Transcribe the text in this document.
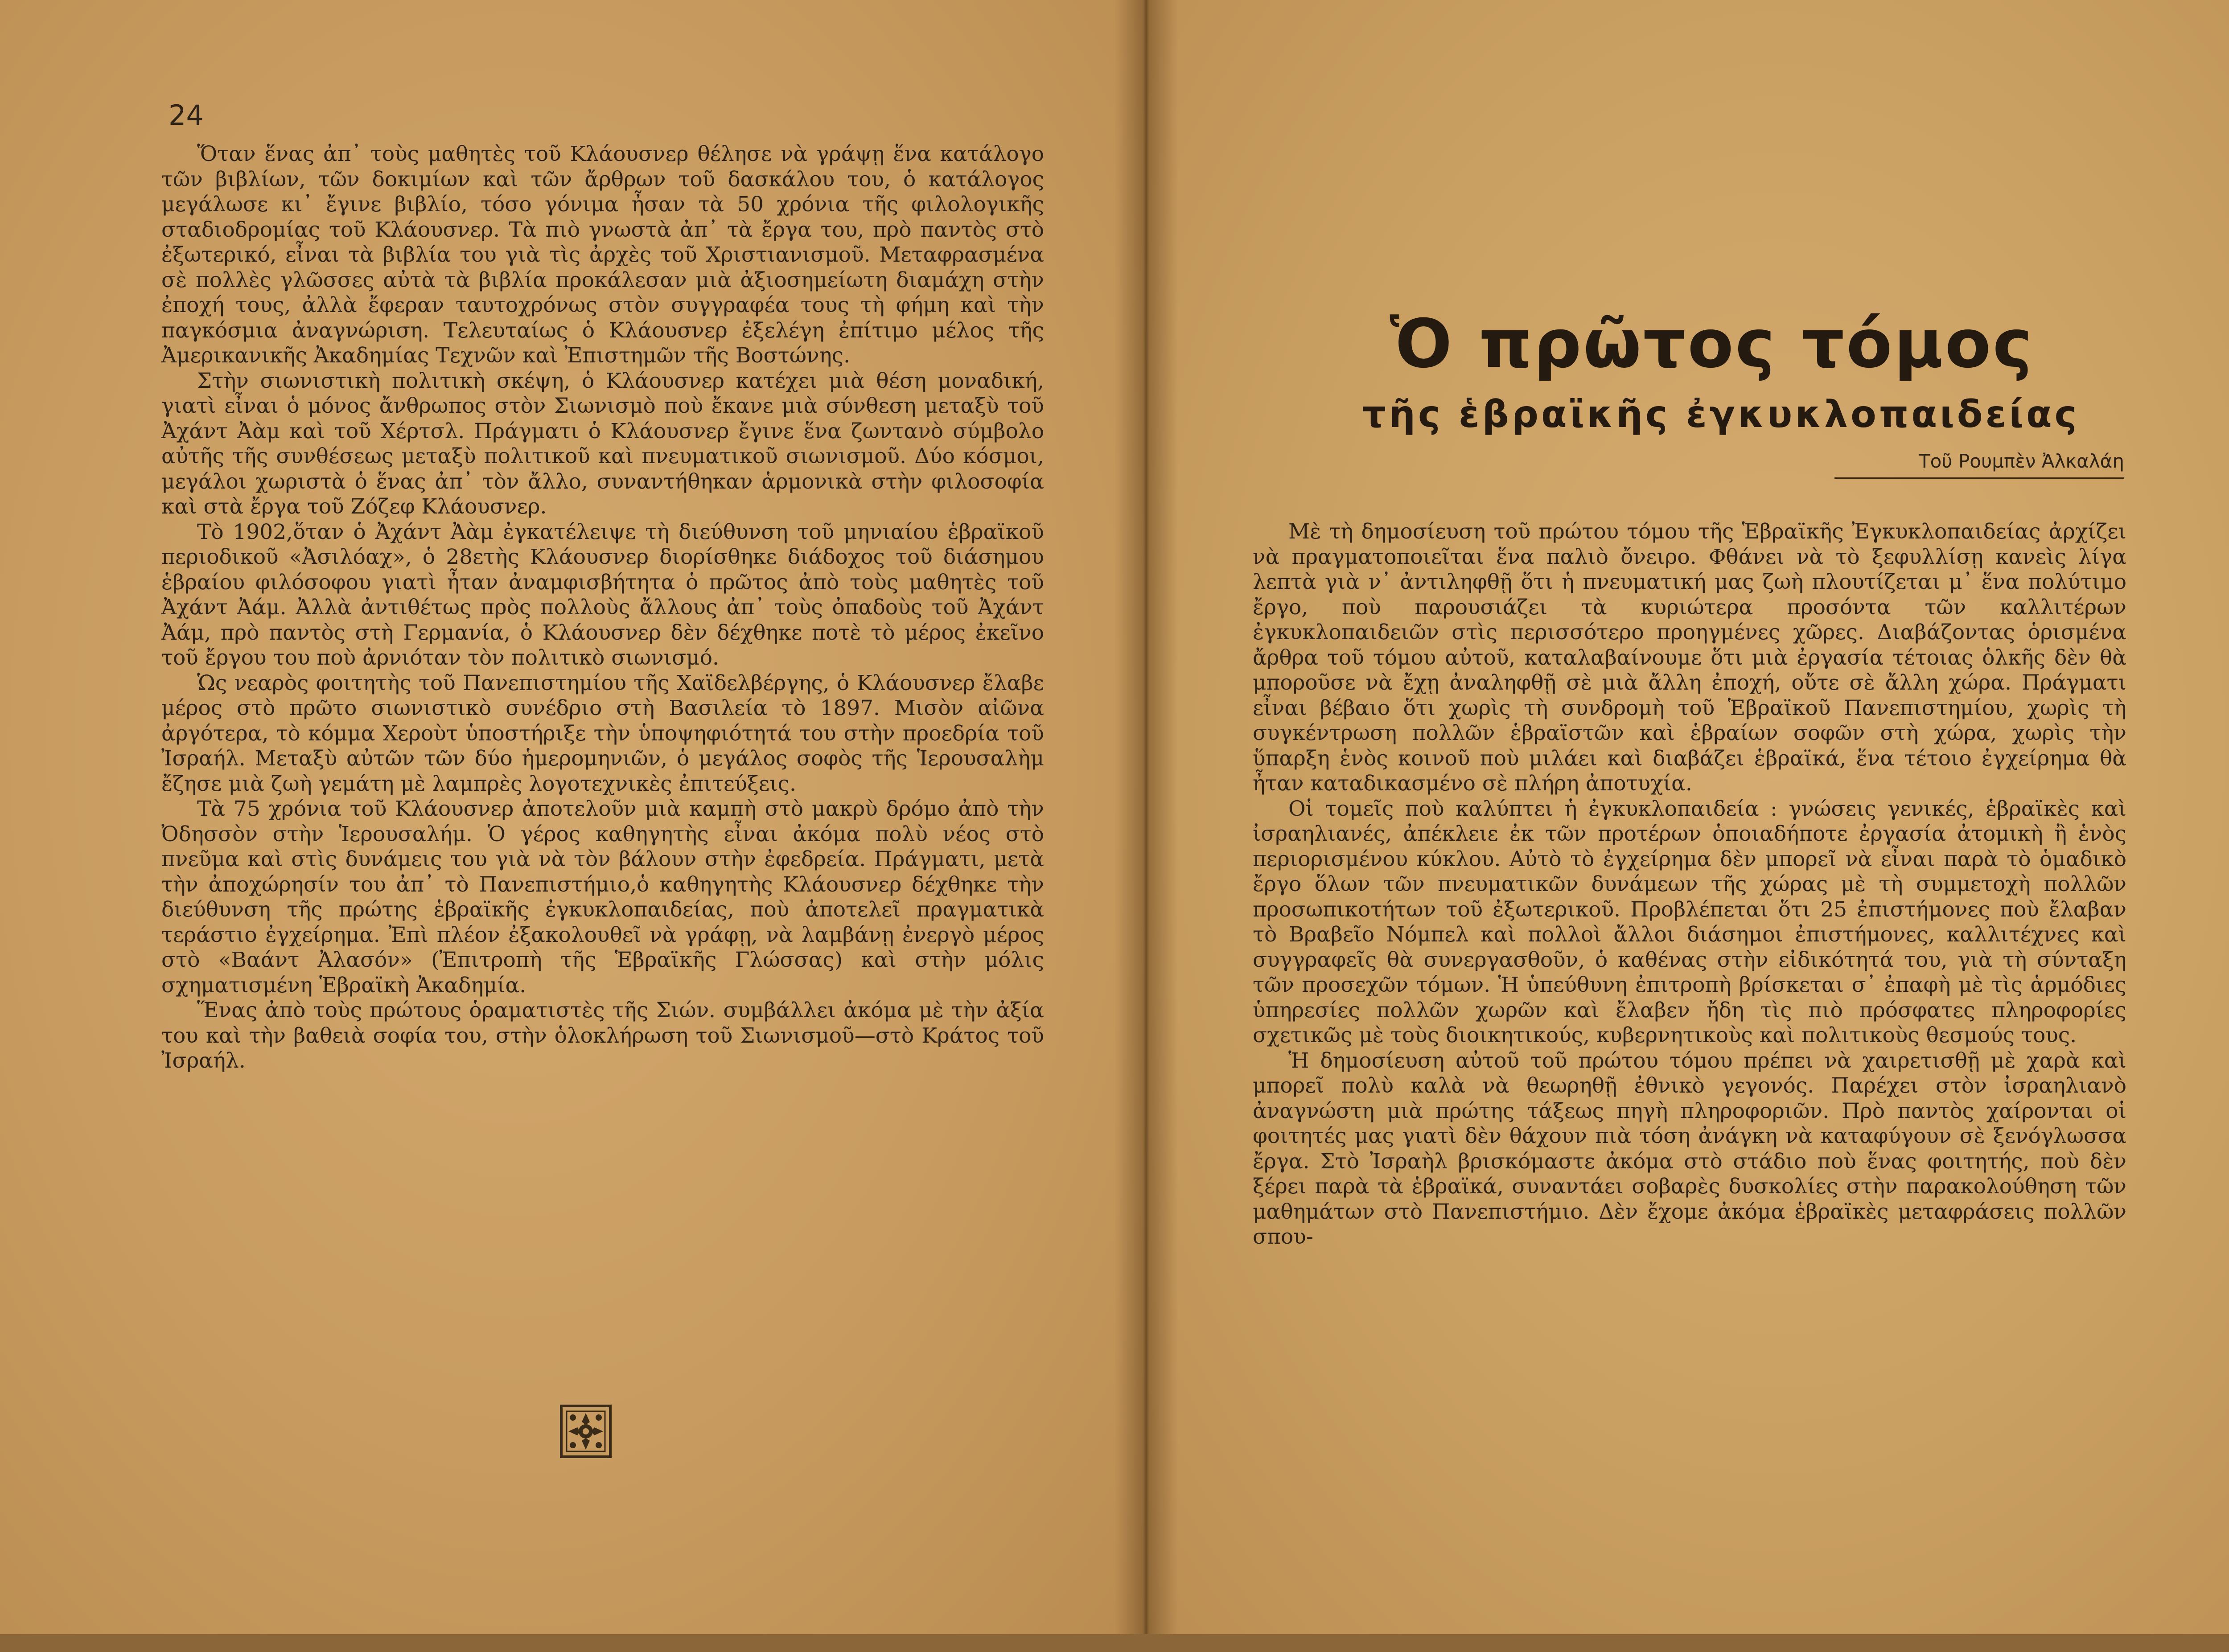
24

Ὅταν ἕνας ἀπ᾿ τοὺς μαθητὲς τοῦ Κλάουσνερ θέλησε νὰ γράψῃ ἕνα κατάλογο τῶν βιβλίων, τῶν δοκιμίων καὶ τῶν ἄρθρων τοῦ δασκάλου του, ὁ κατάλογος μεγάλωσε κι᾿ ἔγινε βιβλίο, τόσο γόνιμα ἦσαν τὰ 50 χρόνια τῆς φιλολογικῆς σταδιοδρομίας τοῦ Κλάουσνερ. Τὰ πιὸ γνωστὰ ἀπ᾿ τὰ ἔργα του, πρὸ παντὸς στὸ ἐξωτερικό, εἶναι τὰ βιβλία του γιὰ τὶς ἀρχὲς τοῦ Χριστιανισμοῦ. Μεταφρασμένα σὲ πολλὲς γλῶσσες αὐτὰ τὰ βιβλία προκάλεσαν μιὰ ἀξιοσημείωτη διαμάχη στὴν ἐποχή τους, ἀλλὰ ἔφεραν ταυτοχρόνως στὸν συγγραφέα τους τὴ φήμη καὶ τὴν παγκόσμια ἀναγνώριση. Τελευταίως ὁ Κλάουσνερ ἐξελέγη ἐπίτιμο μέλος τῆς Ἀμερικανικῆς Ἀκαδημίας Τεχνῶν καὶ Ἐπιστημῶν τῆς Βοστώνης.

Στὴν σιωνιστικὴ πολιτικὴ σκέψη, ὁ Κλάουσνερ κατέχει μιὰ θέση μοναδική, γιατὶ εἶναι ὁ μόνος ἄνθρωπος στὸν Σιωνισμὸ ποὺ ἔκανε μιὰ σύνθεση μεταξὺ τοῦ Ἀχάντ Ἀὰμ καὶ τοῦ Χέρτσλ. Πράγματι ὁ Κλάουσνερ ἔγινε ἕνα ζωντανὸ σύμβολο αὐτῆς τῆς συνθέσεως μεταξὺ πολιτικοῦ καὶ πνευματικοῦ σιωνισμοῦ. Δύο κόσμοι, μεγάλοι χωριστὰ ὁ ἕνας ἀπ᾿ τὸν ἄλλο, συναντήθηκαν ἁρμονικὰ στὴν φιλοσοφία καὶ στὰ ἔργα τοῦ Ζόζεφ Κλάουσνερ.

Τὸ 1902,ὅταν ὁ Ἀχάντ Ἀὰμ ἐγκατέλειψε τὴ διεύθυνση τοῦ μηνιαίου ἑβραϊκοῦ περιοδικοῦ «Ἀσιλόαχ», ὁ 28ετὴς Κλάουσνερ διορίσθηκε διάδοχος τοῦ διάσημου ἑβραίου φιλόσοφου γιατὶ ἦταν ἀναμφισβήτητα ὁ πρῶτος ἀπὸ τοὺς μαθητὲς τοῦ Ἀχάντ Ἀάμ. Ἀλλὰ ἀντιθέτως πρὸς πολλοὺς ἄλλους ἀπ᾿ τοὺς ὀπαδοὺς τοῦ Ἀχάντ Ἀάμ, πρὸ παντὸς στὴ Γερμανία, ὁ Κλάουσνερ δὲν δέχθηκε ποτὲ τὸ μέρος ἐκεῖνο τοῦ ἔργου του ποὺ ἀρνιόταν τὸν πολιτικὸ σιωνισμό.

Ὡς νεαρὸς φοιτητὴς τοῦ Πανεπιστημίου τῆς Χαϊδελβέργης, ὁ Κλάουσνερ ἔλαβε μέρος στὸ πρῶτο σιωνιστικὸ συνέδριο στὴ Βασιλεία τὸ 1897. Μισὸν αἰῶνα ἀργότερα, τὸ κόμμα Χεροὺτ ὑποστήριξε τὴν ὑποψηφιότητά του στὴν προεδρία τοῦ Ἰσραήλ. Μεταξὺ αὐτῶν τῶν δύο ἡμερομηνιῶν, ὁ μεγάλος σοφὸς τῆς Ἱερουσαλὴμ ἔζησε μιὰ ζωὴ γεμάτη μὲ λαμπρὲς λογοτεχνικὲς ἐπιτεύξεις.

Τὰ 75 χρόνια τοῦ Κλάουσνερ ἀποτελοῦν μιὰ καμπὴ στὸ μακρὺ δρόμο ἀπὸ τὴν Ὀδησσὸν στὴν Ἱερουσαλήμ. Ὁ γέρος καθηγητὴς εἶναι ἀκόμα πολὺ νέος στὸ πνεῦμα καὶ στὶς δυνάμεις του γιὰ νὰ τὸν βάλουν στὴν ἐφεδρεία. Πράγματι, μετὰ τὴν ἀποχώρησίν του ἀπ᾿ τὸ Πανεπιστήμιο,ὁ καθηγητὴς Κλάουσνερ δέχθηκε τὴν διεύθυνση τῆς πρώτης ἑβραϊκῆς ἐγκυκλοπαιδείας, ποὺ ἀποτελεῖ πραγματικὰ τεράστιο ἐγχείρημα. Ἐπὶ πλέον ἐξακολουθεῖ νὰ γράφῃ, νὰ λαμβάνῃ ἐνεργὸ μέρος στὸ «Βαάντ Ἀλασόν» (Ἐπιτροπὴ τῆς Ἑβραϊκῆς Γλώσσας) καὶ στὴν μόλις σχηματισμένη Ἑβραϊκὴ Ἀκαδημία.

Ἕνας ἀπὸ τοὺς πρώτους ὁραματιστὲς τῆς Σιών. συμβάλλει ἀκόμα μὲ τὴν ἀξία του καὶ τὴν βαθειὰ σοφία του, στὴν ὁλοκλήρωση τοῦ Σιωνισμοῦ—στὸ Κράτος τοῦ Ἰσραήλ.

Ὁ πρῶτος τόμος
τῆς ἑβραϊκῆς ἐγκυκλοπαιδείας
Τοῦ Ρουμπὲν Ἀλκαλάη

Μὲ τὴ δημοσίευση τοῦ πρώτου τόμου τῆς Ἑβραϊκῆς Ἐγκυκλοπαιδείας ἀρχίζει νὰ πραγματοποιεῖται ἕνα παλιὸ ὄνειρο. Φθάνει νὰ τὸ ξεφυλλίσῃ κανεὶς λίγα λεπτὰ γιὰ ν᾿ ἀντιληφθῇ ὅτι ἡ πνευματική μας ζωὴ πλουτίζεται μ᾿ ἕνα πολύτιμο ἔργο, ποὺ παρουσιάζει τὰ κυριώτερα προσόντα τῶν καλλιτέρων ἐγκυκλοπαιδειῶν στὶς περισσότερο προηγμένες χῶρες. Διαβάζοντας ὁρισμένα ἄρθρα τοῦ τόμου αὐτοῦ, καταλαβαίνουμε ὅτι μιὰ ἐργασία τέτοιας ὁλκῆς δὲν θὰ μποροῦσε νὰ ἔχῃ ἀναληφθῇ σὲ μιὰ ἄλλη ἐποχή, οὔτε σὲ ἄλλη χώρα. Πράγματι εἶναι βέβαιο ὅτι χωρὶς τὴ συνδρομὴ τοῦ Ἑβραϊκοῦ Πανεπιστημίου, χωρὶς τὴ συγκέντρωση πολλῶν ἑβραϊστῶν καὶ ἑβραίων σοφῶν στὴ χώρα, χωρὶς τὴν ὕπαρξη ἑνὸς κοινοῦ ποὺ μιλάει καὶ διαβάζει ἑβραϊκά, ἕνα τέτοιο ἐγχείρημα θὰ ἦταν καταδικασμένο σὲ πλήρη ἀποτυχία.

Οἱ τομεῖς ποὺ καλύπτει ἡ ἐγκυκλοπαιδεία : γνώσεις γενικές, ἑβραϊκὲς καὶ ἰσραηλιανές, ἀπέκλειε ἐκ τῶν προτέρων ὁποιαδήποτε ἐργασία ἀτομικὴ ἢ ἑνὸς περιορισμένου κύκλου. Αὐτὸ τὸ ἐγχείρημα δὲν μπορεῖ νὰ εἶναι παρὰ τὸ ὁμαδικὸ ἔργο ὅλων τῶν πνευματικῶν δυνάμεων τῆς χώρας μὲ τὴ συμμετοχὴ πολλῶν προσωπικοτήτων τοῦ ἐξωτερικοῦ. Προβλέπεται ὅτι 25 ἐπιστήμονες ποὺ ἔλαβαν τὸ Βραβεῖο Νόμπελ καὶ πολλοὶ ἄλλοι διάσημοι ἐπιστήμονες, καλλιτέχνες καὶ συγγραφεῖς θὰ συνεργασθοῦν, ὁ καθένας στὴν εἰδικότητά του, γιὰ τὴ σύνταξη τῶν προσεχῶν τόμων. Ἡ ὑπεύθυνη ἐπιτροπὴ βρίσκεται σ᾿ ἐπαφὴ μὲ τὶς ἁρμόδιες ὑπηρεσίες πολλῶν χωρῶν καὶ ἔλαβεν ἤδη τὶς πιὸ πρόσφατες πληροφορίες σχετικῶς μὲ τοὺς διοικητικούς, κυβερνητικοὺς καὶ πολιτικοὺς θεσμούς τους.

Ἡ δημοσίευση αὐτοῦ τοῦ πρώτου τόμου πρέπει νὰ χαιρετισθῇ μὲ χαρὰ καὶ μπορεῖ πολὺ καλὰ νὰ θεωρηθῇ ἐθνικὸ γεγονός. Παρέχει στὸν ἰσραηλιανὸ ἀναγνώστη μιὰ πρώτης τάξεως πηγὴ πληροφοριῶν. Πρὸ παντὸς χαίρονται οἱ φοιτητές μας γιατὶ δὲν θάχουν πιὰ τόση ἀνάγκη νὰ καταφύγουν σὲ ξενόγλωσσα ἔργα. Στὸ Ἰσραὴλ βρισκόμαστε ἀκόμα στὸ στάδιο ποὺ ἕνας φοιτητής, ποὺ δὲν ξέρει παρὰ τὰ ἑβραϊκά, συναντάει σοβαρὲς δυσκολίες στὴν παρακολούθηση τῶν μαθημάτων στὸ Πανεπιστήμιο. Δὲν ἔχομε ἀκόμα ἑβραϊκὲς μεταφράσεις πολλῶν σπου-
